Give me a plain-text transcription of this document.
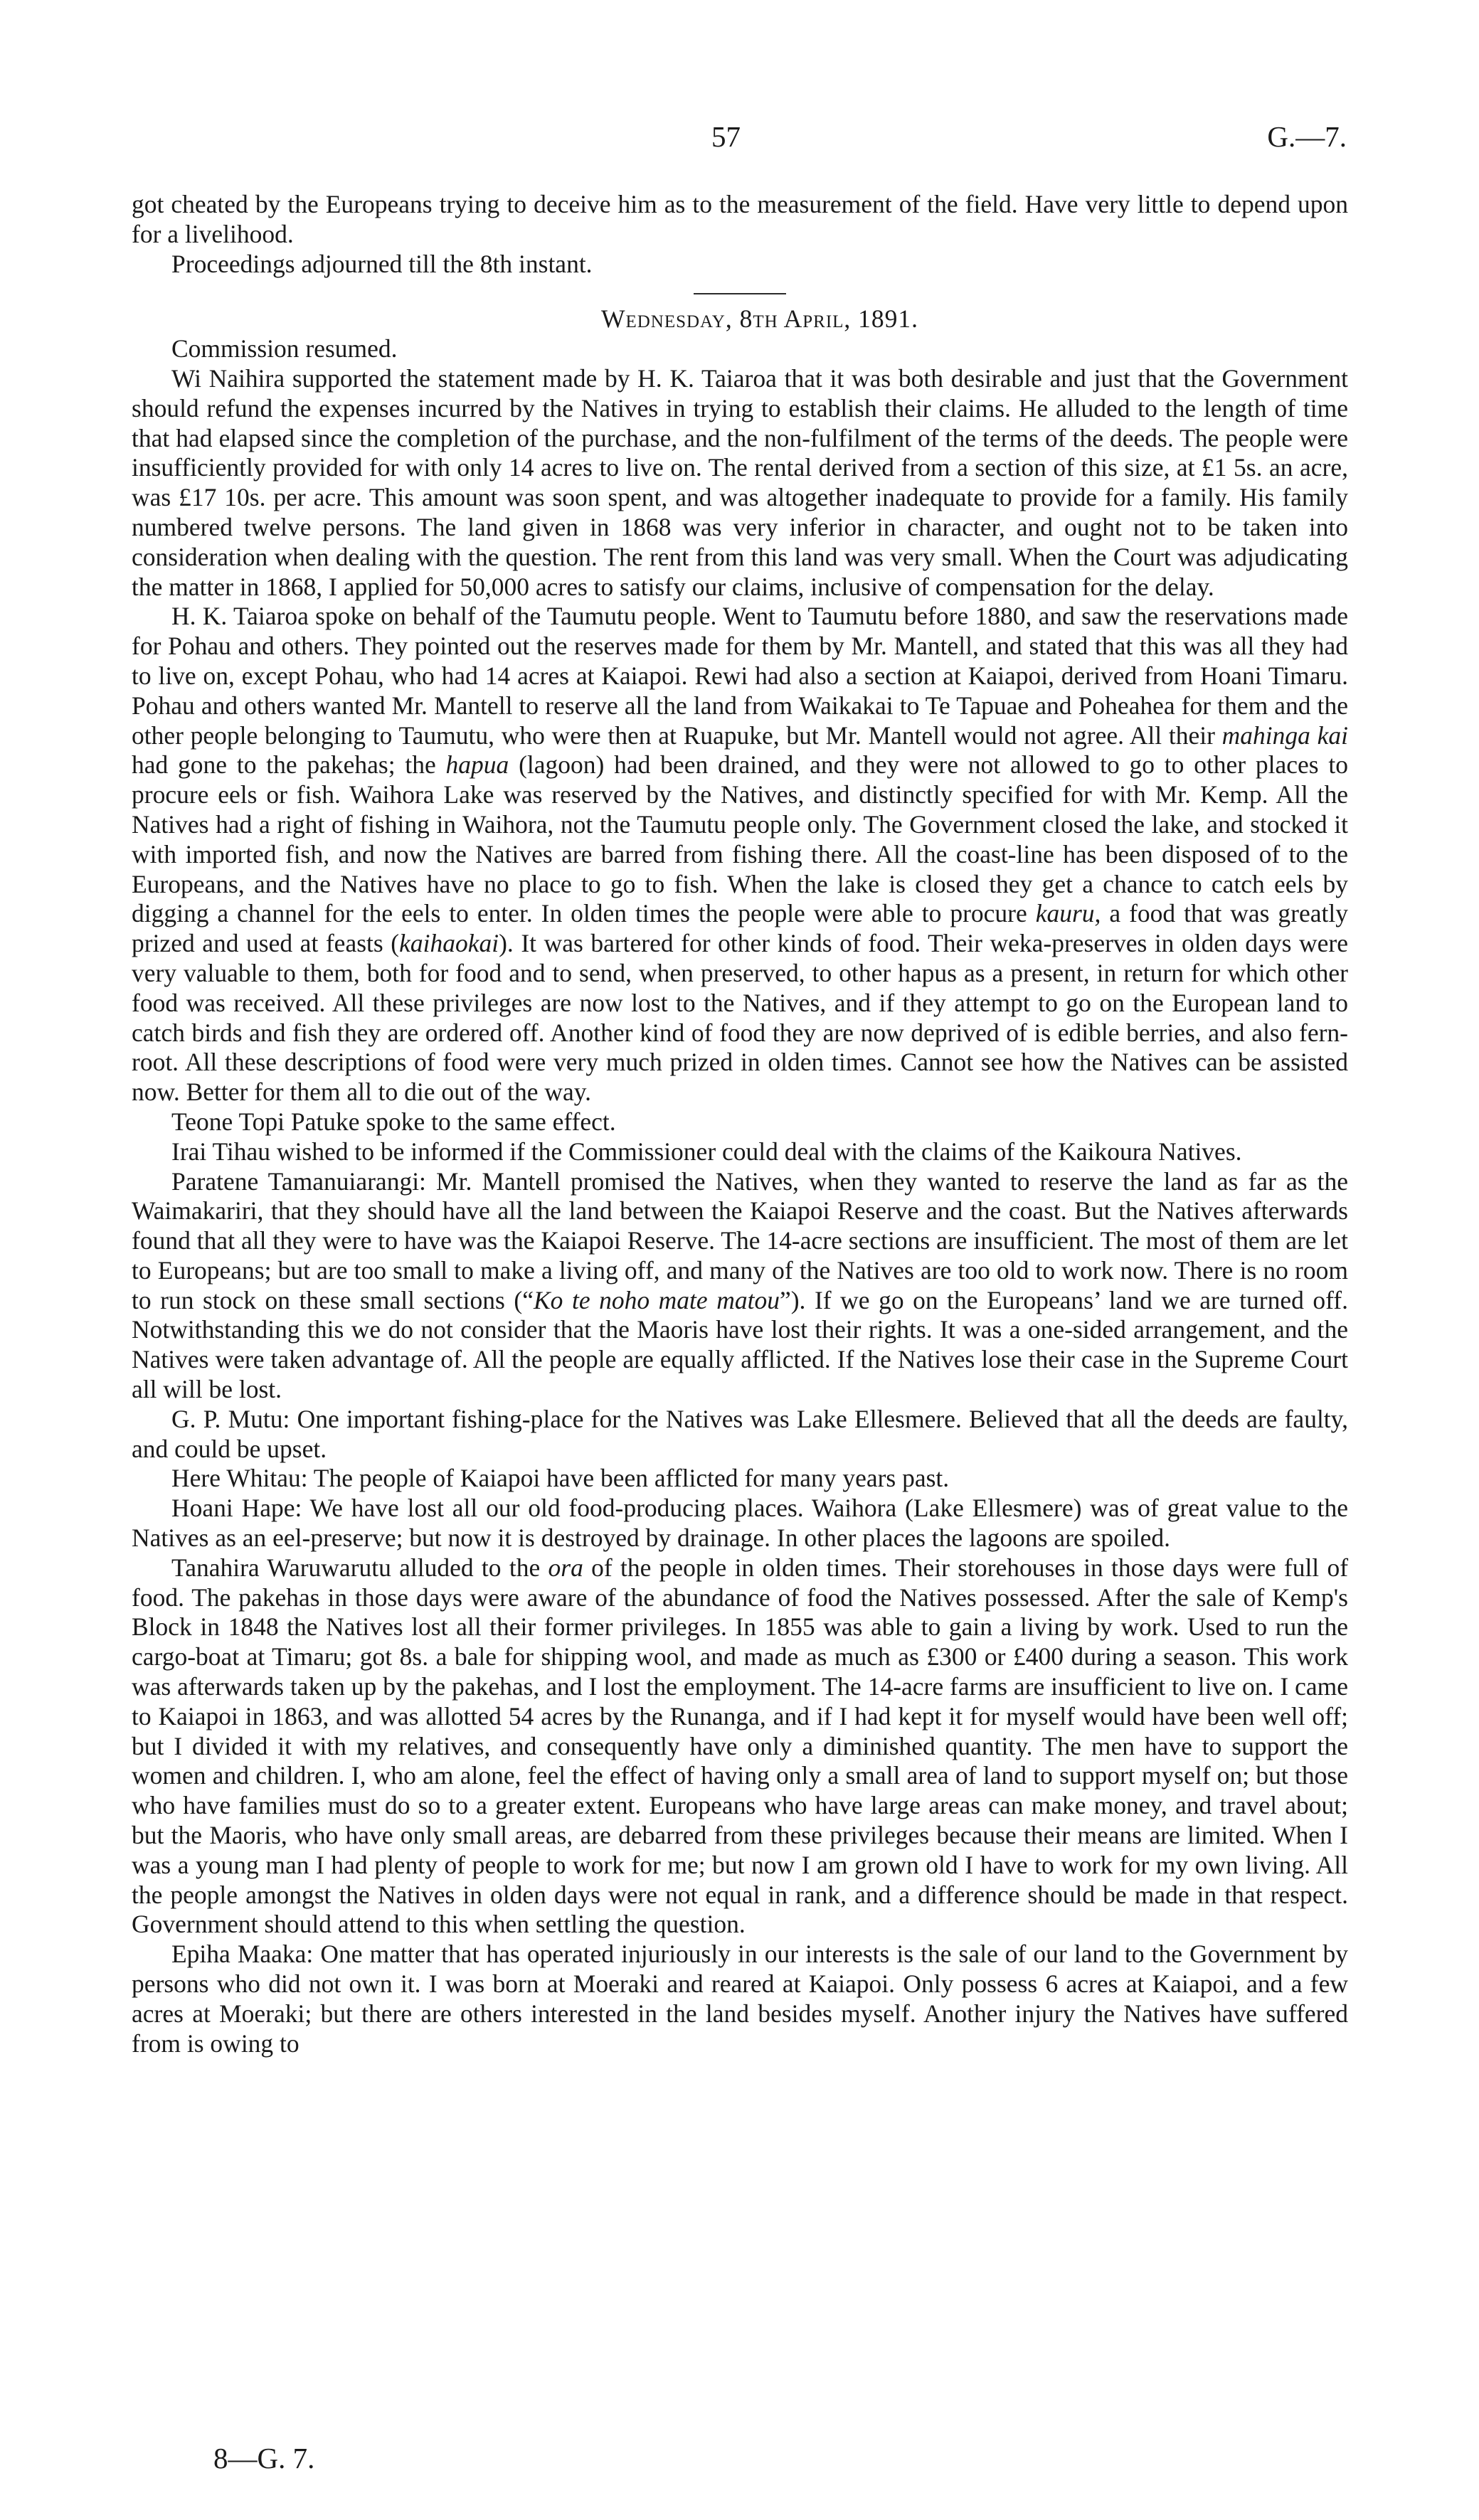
57	G.—7.

got cheated by the Europeans trying to deceive him as to the measurement of the field. Have very little to depend upon for a livelihood.

Proceedings adjourned till the 8th instant.

Wednesday, 8th April, 1891.

Commission resumed.

Wi Naihira supported the statement made by H. K. Taiaroa that it was both desirable and just that the Government should refund the expenses incurred by the Natives in trying to establish their claims. He alluded to the length of time that had elapsed since the completion of the purchase, and the non-fulfilment of the terms of the deeds. The people were insufficiently provided for with only 14 acres to live on. The rental derived from a section of this size, at £1 5s. an acre, was £17 10s. per acre. This amount was soon spent, and was altogether inadequate to provide for a family. His family numbered twelve persons. The land given in 1868 was very inferior in character, and ought not to be taken into consideration when dealing with the question. The rent from this land was very small. When the Court was adjudicating the matter in 1868, I applied for 50,000 acres to satisfy our claims, inclusive of compensation for the delay.

H. K. Taiaroa spoke on behalf of the Taumutu people. Went to Taumutu before 1880, and saw the reservations made for Pohau and others. They pointed out the reserves made for them by Mr. Mantell, and stated that this was all they had to live on, except Pohau, who had 14 acres at Kaiapoi. Rewi had also a section at Kaiapoi, derived from Hoani Timaru. Pohau and others wanted Mr. Mantell to reserve all the land from Waikakai to Te Tapuae and Poheahea for them and the other people belonging to Taumutu, who were then at Ruapuke, but Mr. Mantell would not agree. All their mahinga kai had gone to the pakehas; the hapua (lagoon) had been drained, and they were not allowed to go to other places to procure eels or fish. Waihora Lake was reserved by the Natives, and distinctly specified for with Mr. Kemp. All the Natives had a right of fishing in Waihora, not the Taumutu people only. The Government closed the lake, and stocked it with imported fish, and now the Natives are barred from fishing there. All the coast-line has been disposed of to the Europeans, and the Natives have no place to go to fish. When the lake is closed they get a chance to catch eels by digging a channel for the eels to enter. In olden times the people were able to procure kauru, a food that was greatly prized and used at feasts (kaihaokai). It was bartered for other kinds of food. Their weka-preserves in olden days were very valuable to them, both for food and to send, when preserved, to other hapus as a present, in return for which other food was received. All these privileges are now lost to the Natives, and if they attempt to go on the European land to catch birds and fish they are ordered off. Another kind of food they are now deprived of is edible berries, and also fern-root. All these descriptions of food were very much prized in olden times. Cannot see how the Natives can be assisted now. Better for them all to die out of the way.

Teone Topi Patuke spoke to the same effect.

Irai Tihau wished to be informed if the Commissioner could deal with the claims of the Kaikoura Natives.

Paratene Tamanuiarangi: Mr. Mantell promised the Natives, when they wanted to reserve the land as far as the Waimakariri, that they should have all the land between the Kaiapoi Reserve and the coast. But the Natives afterwards found that all they were to have was the Kaiapoi Reserve. The 14-acre sections are insufficient. The most of them are let to Europeans; but are too small to make a living off, and many of the Natives are too old to work now. There is no room to run stock on these small sections (“Ko te noho mate matou”). If we go on the Europeans’ land we are turned off. Notwithstanding this we do not consider that the Maoris have lost their rights. It was a one-sided arrangement, and the Natives were taken advantage of. All the people are equally afflicted. If the Natives lose their case in the Supreme Court all will be lost.

G. P. Mutu: One important fishing-place for the Natives was Lake Ellesmere. Believed that all the deeds are faulty, and could be upset.

Here Whitau: The people of Kaiapoi have been afflicted for many years past.

Hoani Hape: We have lost all our old food-producing places. Waihora (Lake Ellesmere) was of great value to the Natives as an eel-preserve; but now it is destroyed by drainage. In other places the lagoons are spoiled.

Tanahira Waruwarutu alluded to the ora of the people in olden times. Their storehouses in those days were full of food. The pakehas in those days were aware of the abundance of food the Natives possessed. After the sale of Kemp's Block in 1848 the Natives lost all their former privileges. In 1855 was able to gain a living by work. Used to run the cargo-boat at Timaru; got 8s. a bale for shipping wool, and made as much as £300 or £400 during a season. This work was afterwards taken up by the pakehas, and I lost the employment. The 14-acre farms are insufficient to live on. I came to Kaiapoi in 1863, and was allotted 54 acres by the Runanga, and if I had kept it for myself would have been well off; but I divided it with my relatives, and consequently have only a diminished quantity. The men have to support the women and children. I, who am alone, feel the effect of having only a small area of land to support myself on; but those who have families must do so to a greater extent. Europeans who have large areas can make money, and travel about; but the Maoris, who have only small areas, are debarred from these privileges because their means are limited. When I was a young man I had plenty of people to work for me; but now I am grown old I have to work for my own living. All the people amongst the Natives in olden days were not equal in rank, and a difference should be made in that respect. Government should attend to this when settling the question.

Epiha Maaka: One matter that has operated injuriously in our interests is the sale of our land to the Government by persons who did not own it. I was born at Moeraki and reared at Kaiapoi. Only possess 6 acres at Kaiapoi, and a few acres at Moeraki; but there are others interested in the land besides myself. Another injury the Natives have suffered from is owing to

8—G. 7.
